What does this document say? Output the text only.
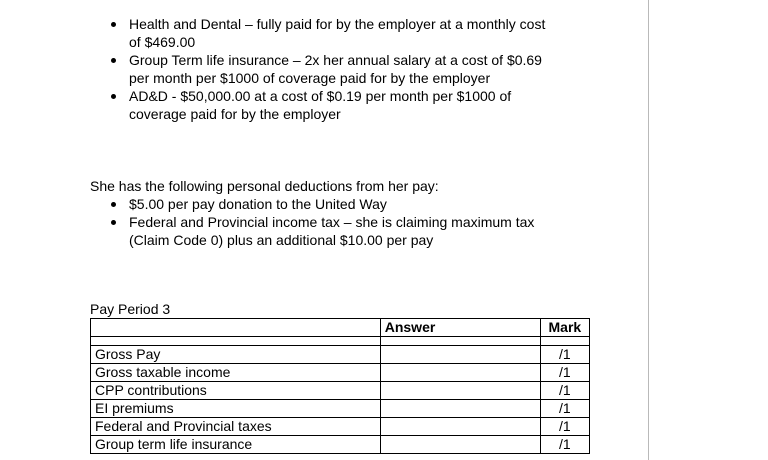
Health and Dental – fully paid for by the employer at a monthly cost of $469.00
Group Term life insurance – 2x her annual salary at a cost of $0.69 per month per $1000 of coverage paid for by the employer
AD&D - $50,000.00 at a cost of $0.19 per month per $1000 of coverage paid for by the employer
She has the following personal deductions from her pay:
$5.00 per pay donation to the United Way
Federal and Provincial income tax – she is claiming maximum tax (Claim Code 0) plus an additional $10.00 per pay
Pay Period 3
	Answer	Mark

Gross Pay		/1
Gross taxable income		/1
CPP contributions		/1
EI premiums		/1
Federal and Provincial taxes		/1
Group term life insurance		/1
